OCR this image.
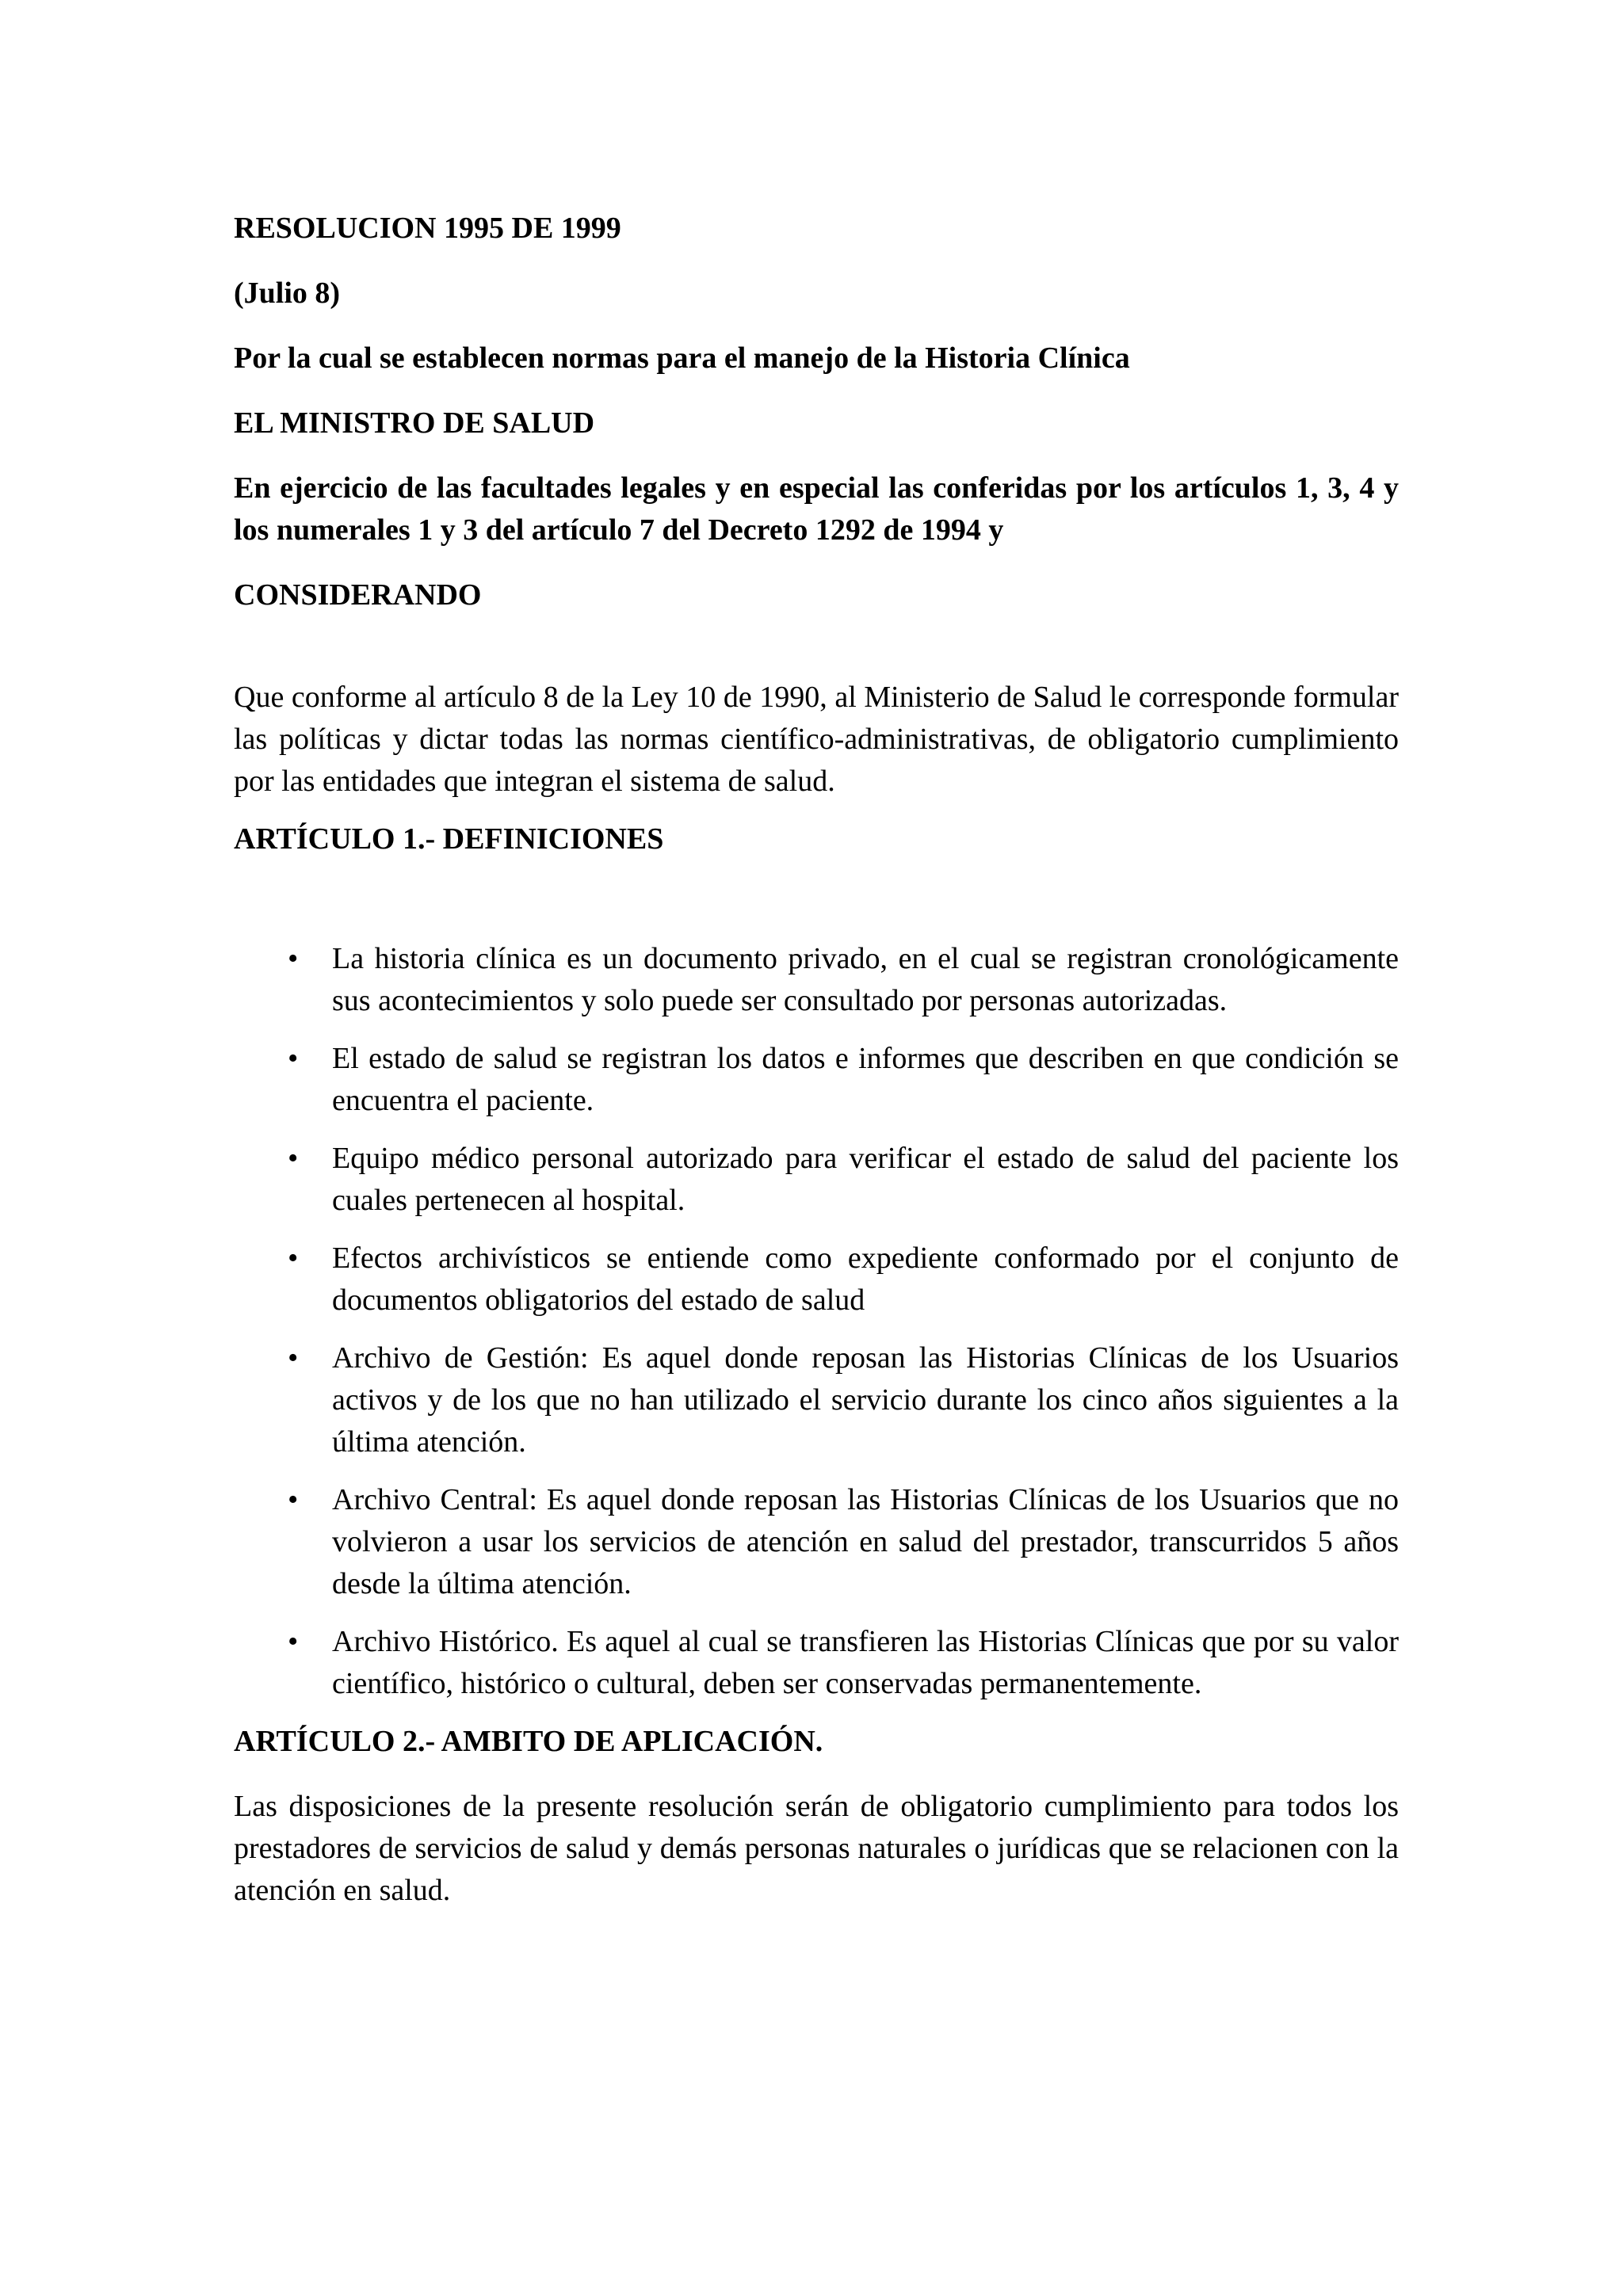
RESOLUCION 1995 DE 1999

(Julio 8)

Por la cual se establecen normas para el manejo de la Historia Clínica

EL MINISTRO DE SALUD

En ejercicio de las facultades legales y en especial las conferidas por los artículos 1, 3, 4 y los numerales 1 y 3 del artículo 7 del Decreto 1292 de 1994 y

CONSIDERANDO

Que conforme al artículo 8 de la Ley 10 de 1990, al Ministerio de Salud le corresponde formular las políticas y dictar todas las normas científico-administrativas, de obligatorio cumplimiento por las entidades que integran el sistema de salud.

ARTÍCULO 1.- DEFINICIONES

• La historia clínica es un documento privado, en el cual se registran cronológicamente sus acontecimientos y solo puede ser consultado por personas autorizadas.
• El estado de salud se registran los datos e informes que describen en que condición se encuentra el paciente.
• Equipo médico personal autorizado para verificar el estado de salud del paciente los cuales pertenecen al hospital.
• Efectos archivísticos se entiende como expediente conformado por el conjunto de documentos obligatorios del estado de salud
• Archivo de Gestión: Es aquel donde reposan las Historias Clínicas de los Usuarios activos y de los que no han utilizado el servicio durante los cinco años siguientes a la última atención.
• Archivo Central: Es aquel donde reposan las Historias Clínicas de los Usuarios que no volvieron a usar los servicios de atención en salud del prestador, transcurridos 5 años desde la última atención.
• Archivo Histórico. Es aquel al cual se transfieren las Historias Clínicas que por su valor científico, histórico o cultural, deben ser conservadas permanentemente.

ARTÍCULO 2.- AMBITO DE APLICACIÓN.

Las disposiciones de la presente resolución serán de obligatorio cumplimiento para todos los prestadores de servicios de salud y demás personas naturales o jurídicas que se relacionen con la atención en salud.
